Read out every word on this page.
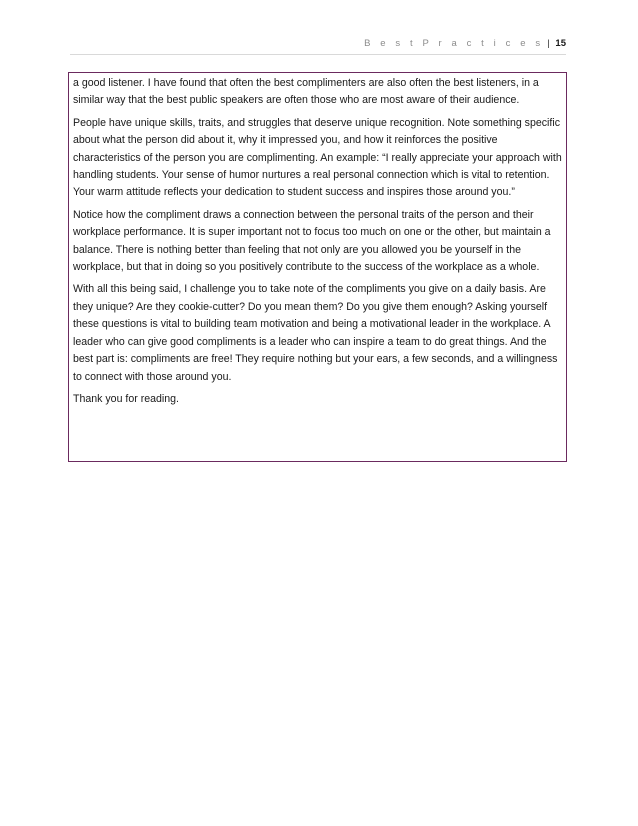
B e s t P r a c t i c e s | 15

a good listener. I have found that often the best complimenters are also often the best listeners, in a similar way that the best public speakers are often those who are most aware of their audience.

People have unique skills, traits, and struggles that deserve unique recognition. Note something specific about what the person did about it, why it impressed you, and how it reinforces the positive characteristics of the person you are complimenting. An example: “I really appreciate your approach with handling students. Your sense of humor nurtures a real personal connection which is vital to retention. Your warm attitude reflects your dedication to student success and inspires those around you.”

Notice how the compliment draws a connection between the personal traits of the person and their workplace performance. It is super important not to focus too much on one or the other, but maintain a balance. There is nothing better than feeling that not only are you allowed you be yourself in the workplace, but that in doing so you positively contribute to the success of the workplace as a whole.

With all this being said, I challenge you to take note of the compliments you give on a daily basis. Are they unique? Are they cookie-cutter? Do you mean them? Do you give them enough? Asking yourself these questions is vital to building team motivation and being a motivational leader in the workplace. A leader who can give good compliments is a leader who can inspire a team to do great things. And the best part is: compliments are free! They require nothing but your ears, a few seconds, and a willingness to connect with those around you.

Thank you for reading.
